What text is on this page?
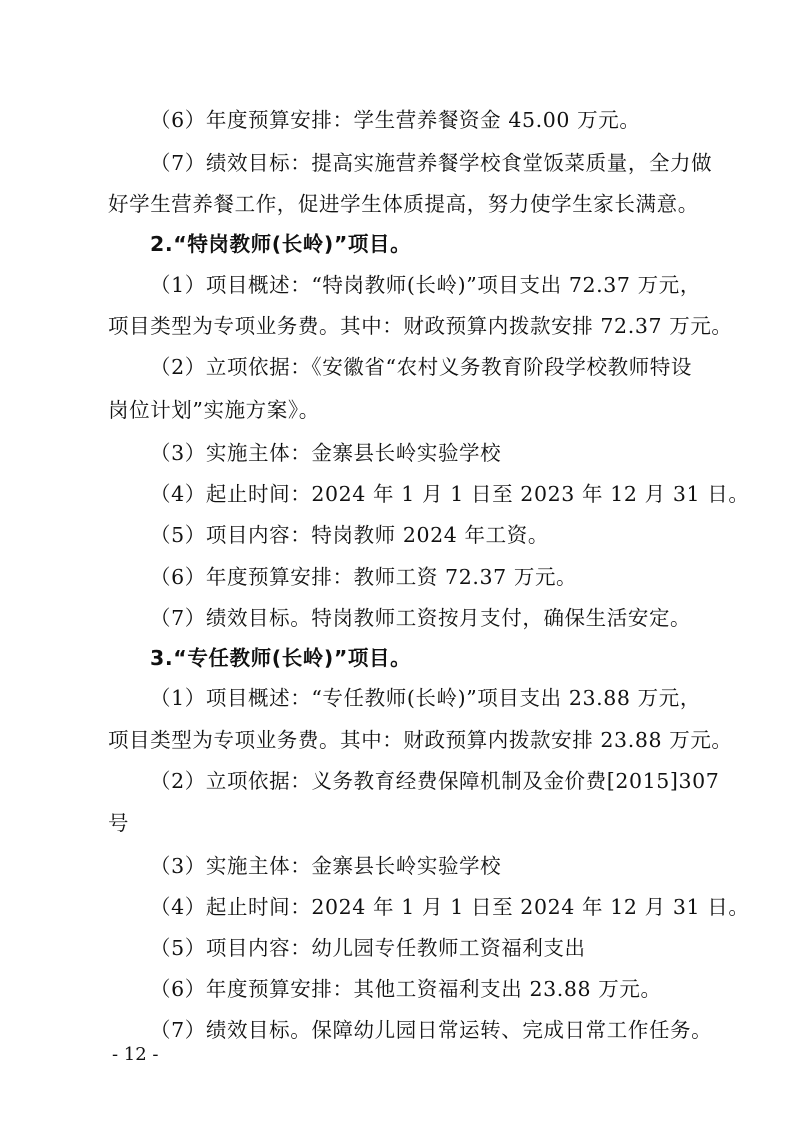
（6）年度预算安排：学生营养餐资金 45.00 万元。
（7）绩效目标：提高实施营养餐学校食堂饭菜质量，全力做
好学生营养餐工作，促进学生体质提高，努力使学生家长满意。
2.“特岗教师(长岭)”项目。
（1）项目概述：“特岗教师(长岭)”项目支出 72.37 万元，
项目类型为专项业务费。其中：财政预算内拨款安排 72.37 万元。
（2）立项依据：《安徽省“农村义务教育阶段学校教师特设
岗位计划”实施方案》。
（3）实施主体：金寨县长岭实验学校
（4）起止时间：2024 年 1 月 1 日至 2023 年 12 月 31 日。
（5）项目内容：特岗教师 2024 年工资。
（6）年度预算安排：教师工资 72.37 万元。
（7）绩效目标。特岗教师工资按月支付，确保生活安定。
3.“专任教师(长岭)”项目。
（1）项目概述：“专任教师(长岭)”项目支出 23.88 万元，
项目类型为专项业务费。其中：财政预算内拨款安排 23.88 万元。
（2）立项依据：义务教育经费保障机制及金价费[2015]307
号
（3）实施主体：金寨县长岭实验学校
（4）起止时间：2024 年 1 月 1 日至 2024 年 12 月 31 日。
（5）项目内容：幼儿园专任教师工资福利支出
（6）年度预算安排：其他工资福利支出 23.88 万元。
（7）绩效目标。保障幼儿园日常运转、完成日常工作任务。
- 12 -
